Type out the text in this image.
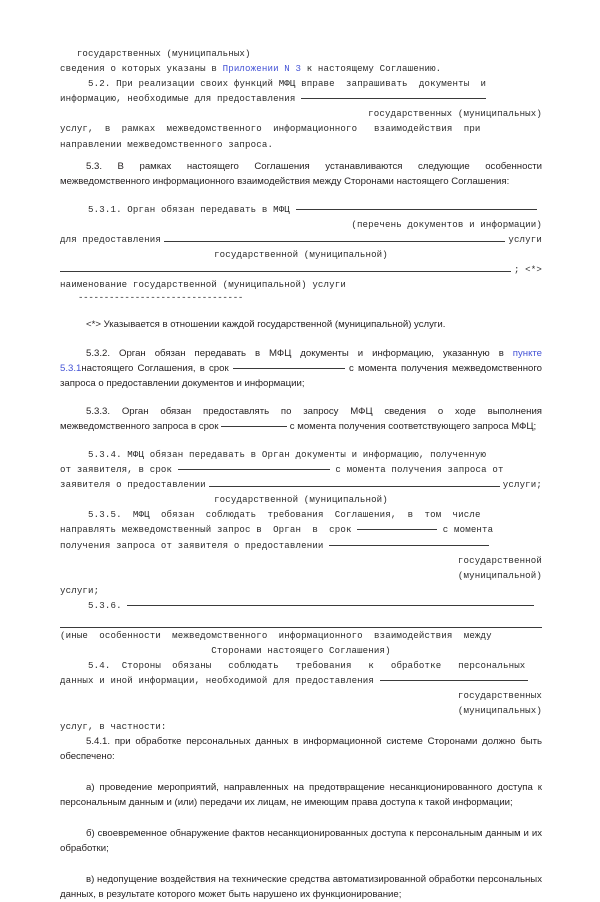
государственных (муниципальных)
сведения о которых указаны в Приложении N 3 к настоящему Соглашению.
5.2. При реализации своих функций МФЦ вправе  запрашивать  документы  и
информацию, необходимые для предоставления
государственных (муниципальных)
услуг,  в  рамках  межведомственного  информационного   взаимодействия  при
направлении межведомственного запроса.
5.3. В рамках настоящего Соглашения устанавливаются следующие особенности межведомственного информационного взаимодействия между Сторонами настоящего Соглашения:
5.3.1. Орган обязан передавать в МФЦ
(перечень документов и информации)
для предоставления	услуги
государственной (муниципальной)
; <*>
наименование государственной (муниципальной) услуги
--------------------------------
<*> Указывается в отношении каждой государственной (муниципальной) услуги.
5.3.2. Орган обязан передавать в МФЦ документы и информацию, указанную в пункте 5.3.1настоящего Соглашения, в срок	с момента получения межведомственного запроса о предоставлении документов и информации;
5.3.3. Орган обязан предоставлять по запросу МФЦ сведения о ходе выполнения межведомственного запроса в срок	с момента получения соответствующего запроса МФЦ;
5.3.4. МФЦ обязан передавать в Орган документы и информацию, полученную
от заявителя, в срок	с момента получения запроса от
заявителя о предоставлении	услуги;
государственной (муниципальной)
5.3.5.  МФЦ  обязан  соблюдать  требования  Соглашения,  в  том  числе
направлять межведомственный запрос в  Орган  в  срок	с момента
получения запроса от заявителя о предоставлении
государственной
(муниципальной)
услуги;
5.3.6.

(иные  особенности  межведомственного  информационного  взаимодействия  между
Сторонами настоящего Соглашения)
5.4.  Стороны  обязаны   соблюдать   требования   к   обработке   персональных
данных и иной информации, необходимой для предоставления
государственных
(муниципальных)
услуг, в частности:
5.4.1. при обработке персональных данных в информационной системе Сторонами должно быть обеспечено:
а) проведение мероприятий, направленных на предотвращение несанкционированного доступа к персональным данным и (или) передачи их лицам, не имеющим права доступа к такой информации;
б) своевременное обнаружение фактов несанкционированных доступа к персональным данным и их обработки;
в) недопущение воздействия на технические средства автоматизированной обработки персональных данных, в результате которого может быть нарушено их функционирование;
